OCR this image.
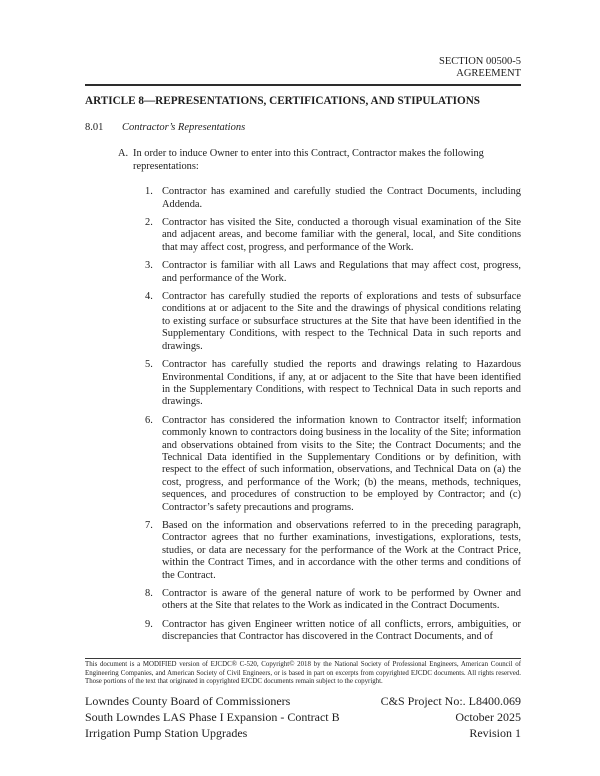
SECTION 00500-5
AGREEMENT
ARTICLE 8—REPRESENTATIONS, CERTIFICATIONS, AND STIPULATIONS
8.01	Contractor’s Representations
A. In order to induce Owner to enter into this Contract, Contractor makes the following representations:
1. Contractor has examined and carefully studied the Contract Documents, including Addenda.
2. Contractor has visited the Site, conducted a thorough visual examination of the Site and adjacent areas, and become familiar with the general, local, and Site conditions that may affect cost, progress, and performance of the Work.
3. Contractor is familiar with all Laws and Regulations that may affect cost, progress, and performance of the Work.
4. Contractor has carefully studied the reports of explorations and tests of subsurface conditions at or adjacent to the Site and the drawings of physical conditions relating to existing surface or subsurface structures at the Site that have been identified in the Supplementary Conditions, with respect to the Technical Data in such reports and drawings.
5. Contractor has carefully studied the reports and drawings relating to Hazardous Environmental Conditions, if any, at or adjacent to the Site that have been identified in the Supplementary Conditions, with respect to Technical Data in such reports and drawings.
6. Contractor has considered the information known to Contractor itself; information commonly known to contractors doing business in the locality of the Site; information and observations obtained from visits to the Site; the Contract Documents; and the Technical Data identified in the Supplementary Conditions or by definition, with respect to the effect of such information, observations, and Technical Data on (a) the cost, progress, and performance of the Work; (b) the means, methods, techniques, sequences, and procedures of construction to be employed by Contractor; and (c) Contractor’s safety precautions and programs.
7. Based on the information and observations referred to in the preceding paragraph, Contractor agrees that no further examinations, investigations, explorations, tests, studies, or data are necessary for the performance of the Work at the Contract Price, within the Contract Times, and in accordance with the other terms and conditions of the Contract.
8. Contractor is aware of the general nature of work to be performed by Owner and others at the Site that relates to the Work as indicated in the Contract Documents.
9. Contractor has given Engineer written notice of all conflicts, errors, ambiguities, or discrepancies that Contractor has discovered in the Contract Documents, and of

This document is a MODIFIED version of EJCDC® C-520, Copyright© 2018 by the National Society of Professional Engineers, American Council of Engineering Companies, and American Society of Civil Engineers, or is based in part on excerpts from copyrighted EJCDC documents. All rights reserved. Those portions of the text that originated in copyrighted EJCDC documents remain subject to the copyright.

Lowndes County Board of Commissioners
South Lowndes LAS Phase I Expansion - Contract B
Irrigation Pump Station Upgrades
C&S Project No:. L8400.069
October 2025
Revision 1
